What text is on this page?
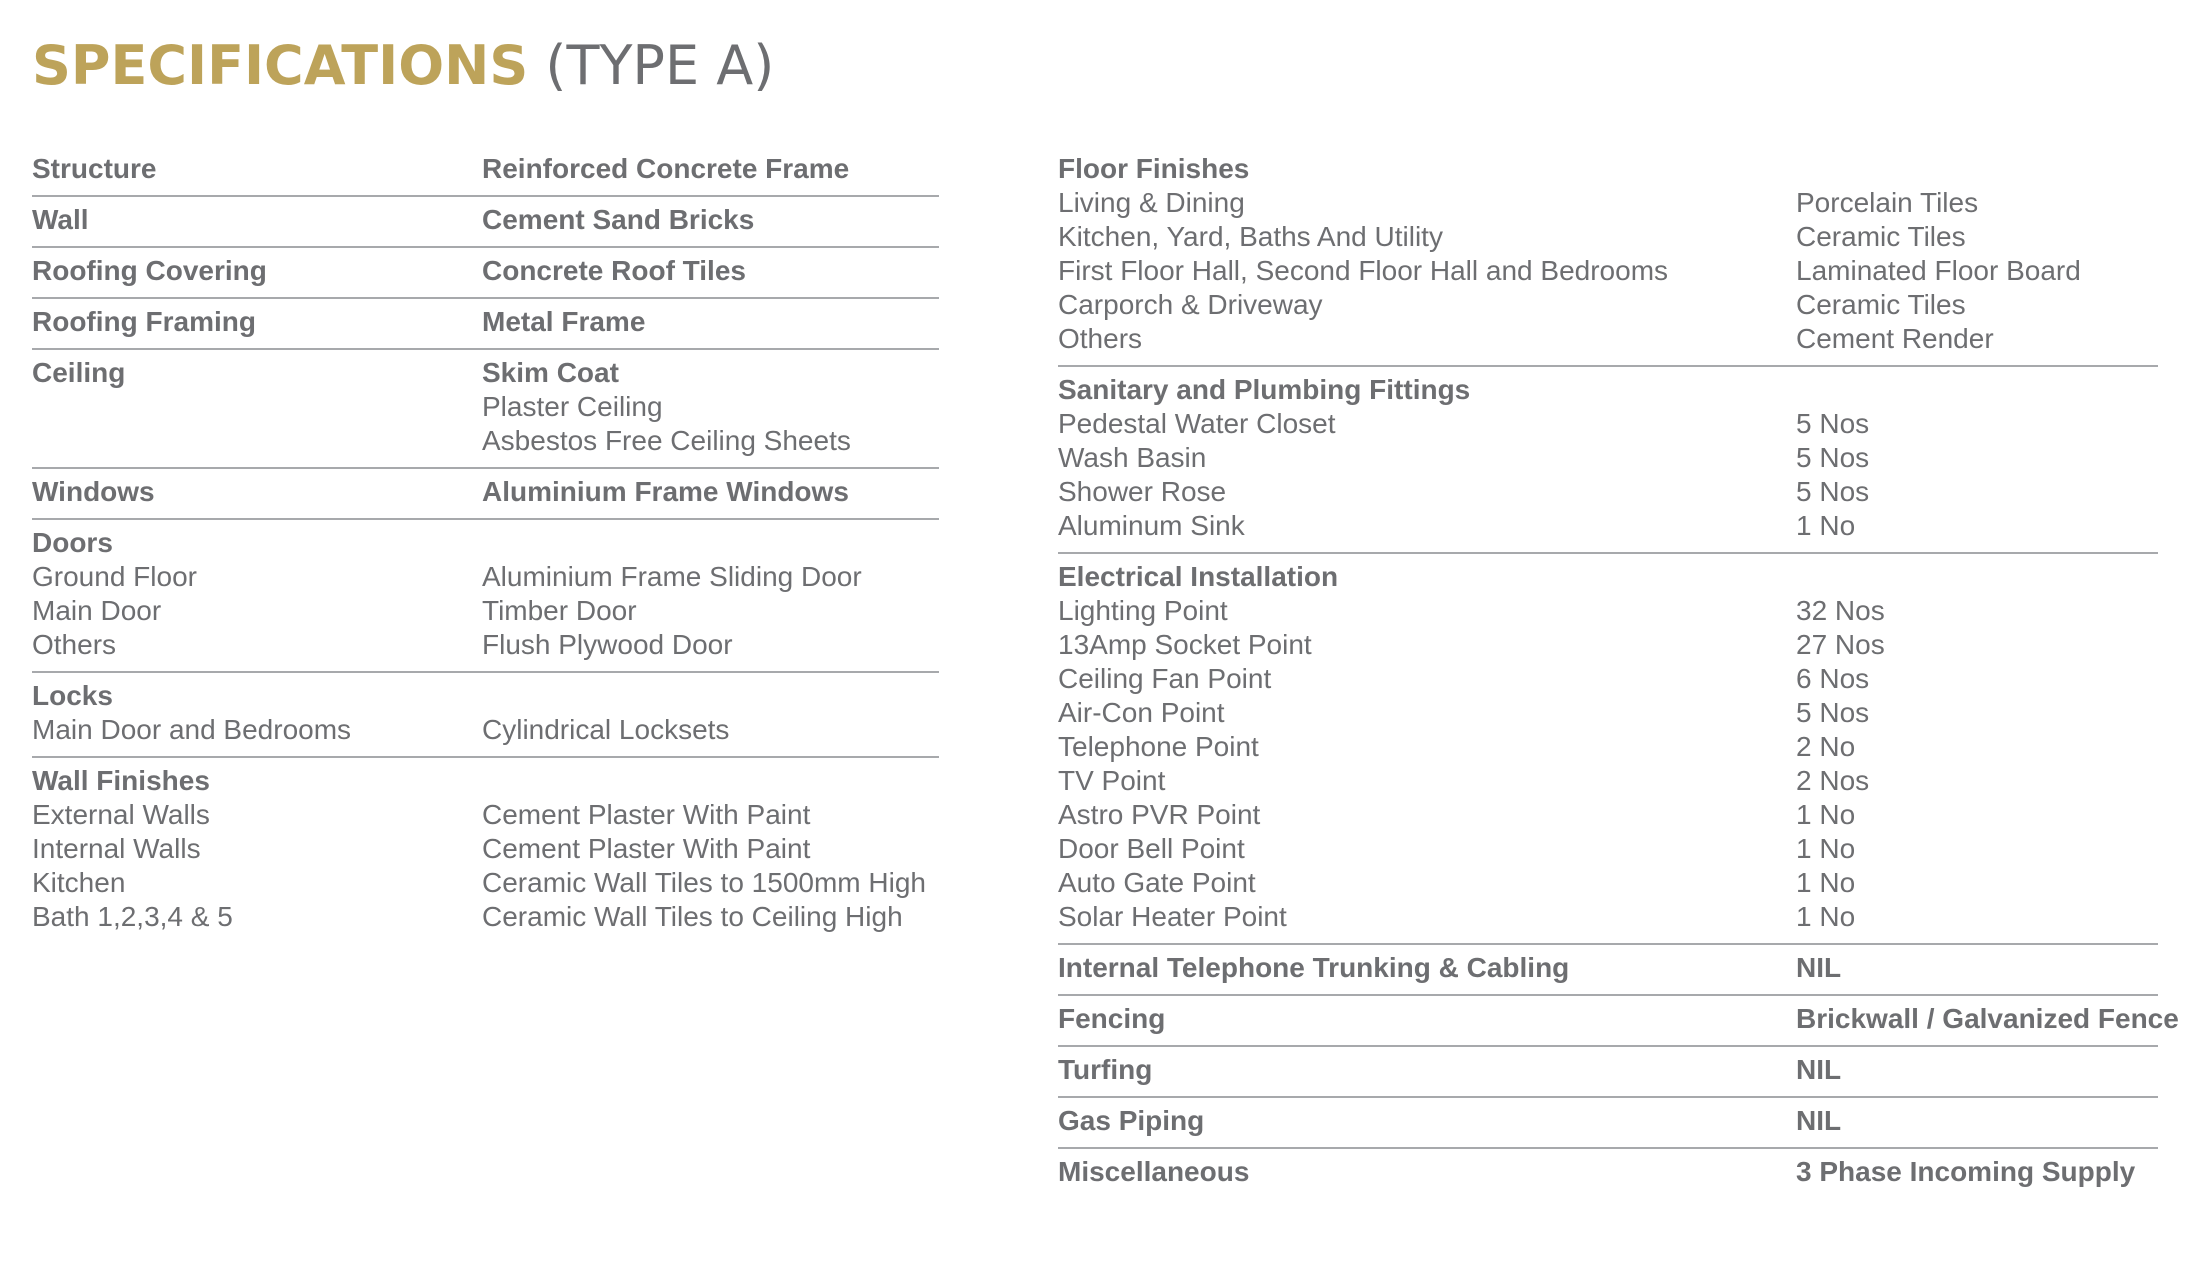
SPECIFICATIONS (TYPE A)
Structure	Reinforced Concrete Frame
Wall	Cement Sand Bricks
Roofing Covering	Concrete Roof Tiles
Roofing Framing	Metal Frame
Ceiling	Skim Coat
Plaster Ceiling
Asbestos Free Ceiling Sheets
Windows	Aluminium Frame Windows
Doors
Ground Floor	Aluminium Frame Sliding Door
Main Door	Timber Door
Others	Flush Plywood Door
Locks
Main Door and Bedrooms	Cylindrical Locksets
Wall Finishes
External Walls	Cement Plaster With Paint
Internal Walls	Cement Plaster With Paint
Kitchen	Ceramic Wall Tiles to 1500mm High
Bath 1,2,3,4 & 5	Ceramic Wall Tiles to Ceiling High
Floor Finishes
Living & Dining	Porcelain Tiles
Kitchen, Yard, Baths And Utility	Ceramic Tiles
First Floor Hall, Second Floor Hall and Bedrooms	Laminated Floor Board
Carporch & Driveway	Ceramic Tiles
Others	Cement Render
Sanitary and Plumbing Fittings
Pedestal Water Closet	5 Nos
Wash Basin	5 Nos
Shower Rose	5 Nos
Aluminum Sink	1 No
Electrical Installation
Lighting Point	32 Nos
13Amp Socket Point	27 Nos
Ceiling Fan Point	6 Nos
Air-Con Point	5 Nos
Telephone Point	2 No
TV Point	2 Nos
Astro PVR Point	1 No
Door Bell Point	1 No
Auto Gate Point	1 No
Solar Heater Point	1 No
Internal Telephone Trunking & Cabling	NIL
Fencing	Brickwall / Galvanized Fence
Turfing	NIL
Gas Piping	NIL
Miscellaneous	3 Phase Incoming Supply
